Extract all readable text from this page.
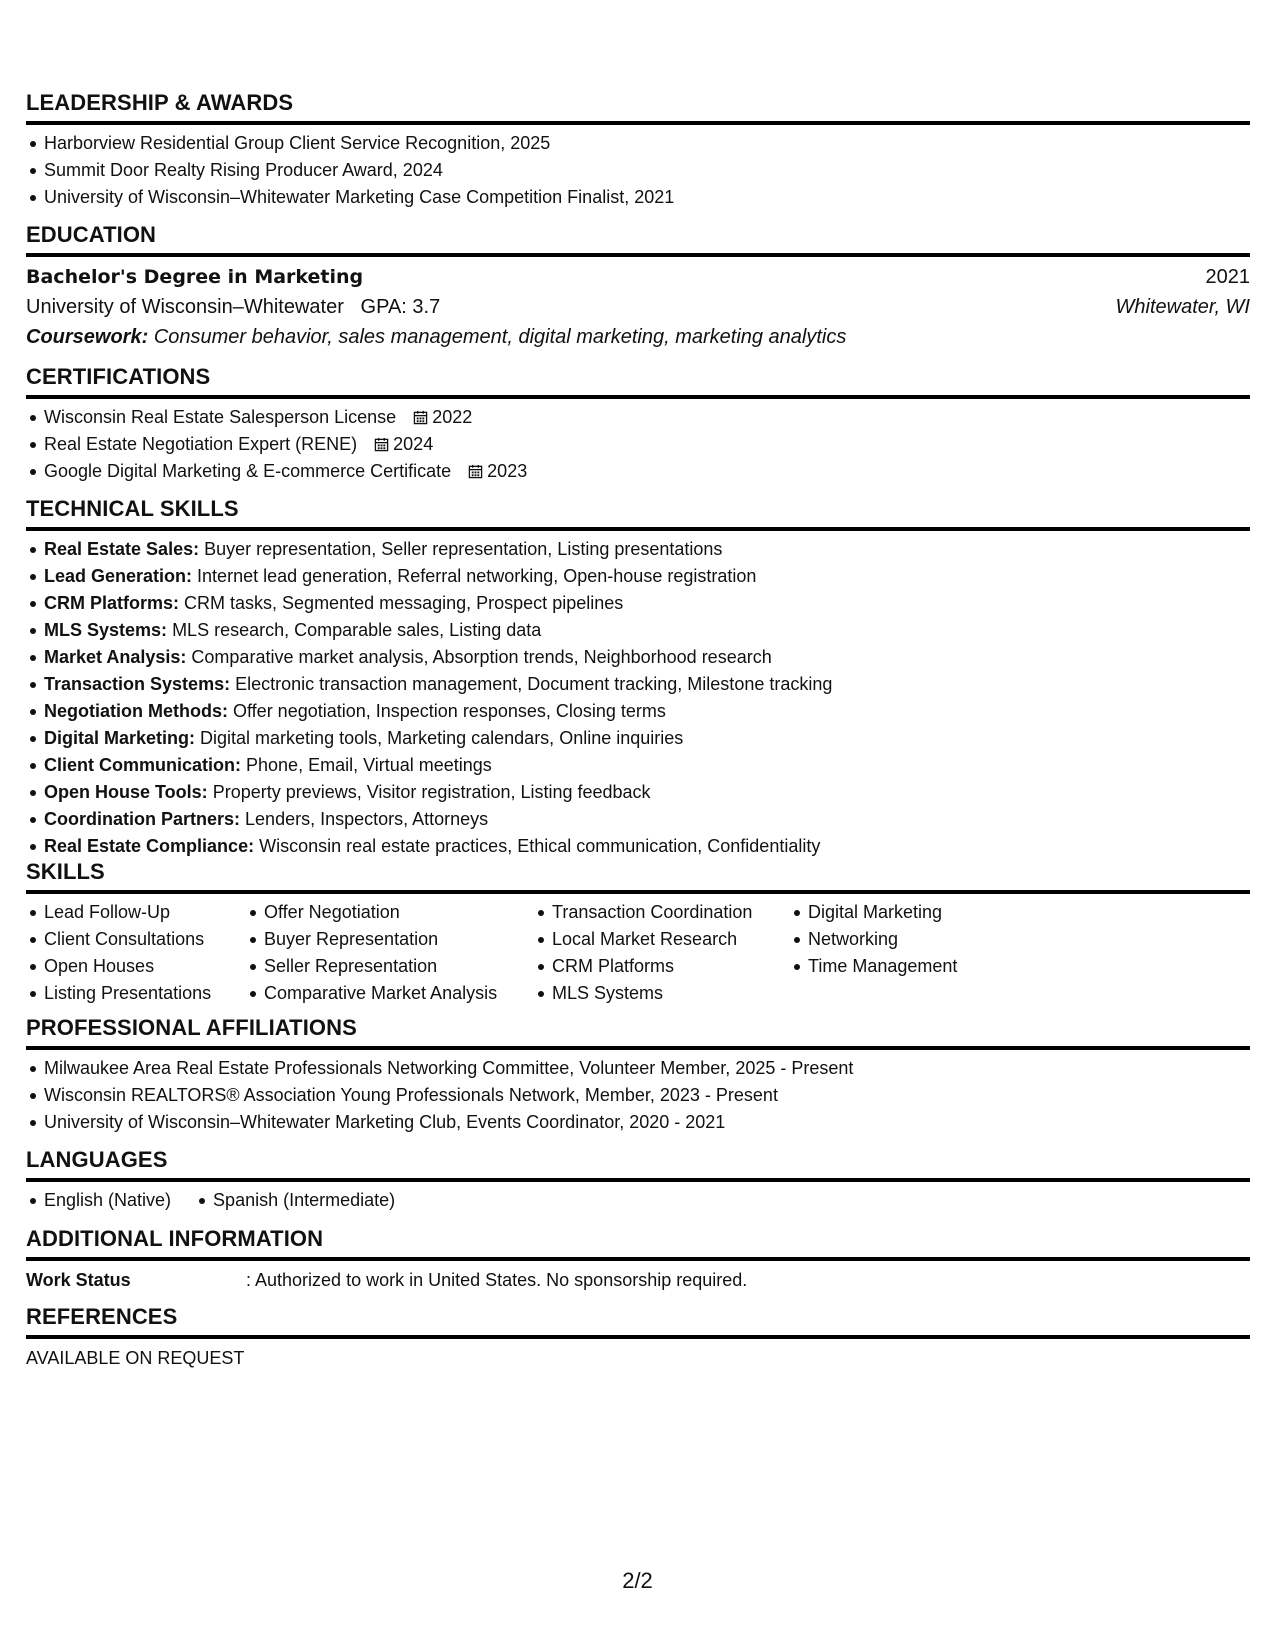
LEADERSHIP & AWARDS
Harborview Residential Group Client Service Recognition, 2025
Summit Door Realty Rising Producer Award, 2024
University of Wisconsin–Whitewater Marketing Case Competition Finalist, 2021
EDUCATION
Bachelor's Degree in Marketing	2021
University of Wisconsin–Whitewater GPA: 3.7	Whitewater, WI
Coursework: Consumer behavior, sales management, digital marketing, marketing analytics
CERTIFICATIONS
Wisconsin Real Estate Salesperson License 2022
Real Estate Negotiation Expert (RENE) 2024
Google Digital Marketing & E-commerce Certificate 2023
TECHNICAL SKILLS
Real Estate Sales: Buyer representation, Seller representation, Listing presentations
Lead Generation: Internet lead generation, Referral networking, Open-house registration
CRM Platforms: CRM tasks, Segmented messaging, Prospect pipelines
MLS Systems: MLS research, Comparable sales, Listing data
Market Analysis: Comparative market analysis, Absorption trends, Neighborhood research
Transaction Systems: Electronic transaction management, Document tracking, Milestone tracking
Negotiation Methods: Offer negotiation, Inspection responses, Closing terms
Digital Marketing: Digital marketing tools, Marketing calendars, Online inquiries
Client Communication: Phone, Email, Virtual meetings
Open House Tools: Property previews, Visitor registration, Listing feedback
Coordination Partners: Lenders, Inspectors, Attorneys
Real Estate Compliance: Wisconsin real estate practices, Ethical communication, Confidentiality
SKILLS
Lead Follow-Up
Client Consultations
Open Houses
Listing Presentations
Offer Negotiation
Buyer Representation
Seller Representation
Comparative Market Analysis
Transaction Coordination
Local Market Research
CRM Platforms
MLS Systems
Digital Marketing
Networking
Time Management
PROFESSIONAL AFFILIATIONS
Milwaukee Area Real Estate Professionals Networking Committee, Volunteer Member, 2025 - Present
Wisconsin REALTORS® Association Young Professionals Network, Member, 2023 - Present
University of Wisconsin–Whitewater Marketing Club, Events Coordinator, 2020 - 2021
LANGUAGES
English (Native)	Spanish (Intermediate)
ADDITIONAL INFORMATION
Work Status	: Authorized to work in United States. No sponsorship required.
REFERENCES
AVAILABLE ON REQUEST
2/2
